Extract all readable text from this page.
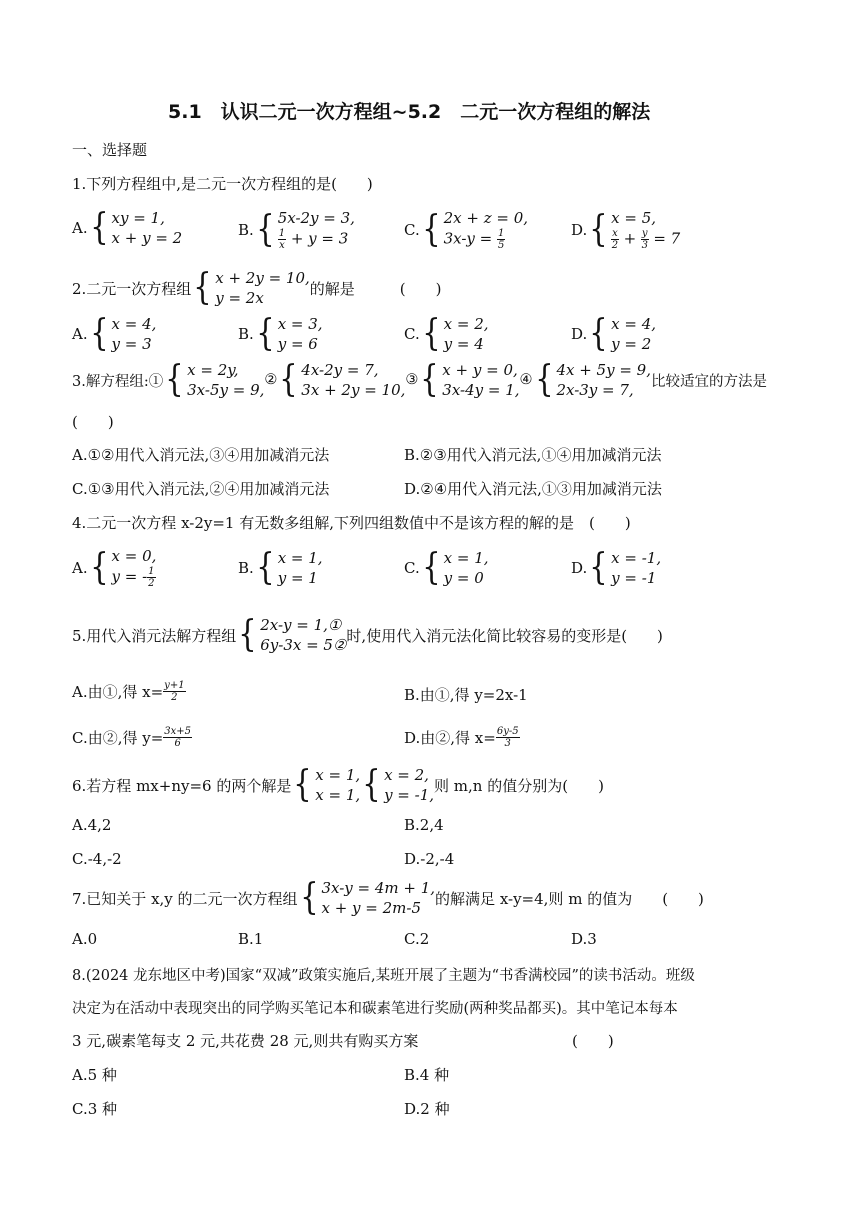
5.1　认识二元一次方程组~5.2　二元一次方程组的解法
一、选择题
1.下列方程组中,是二元一次方程组的是(　　)
A. { xy = 1,
x + y = 2	B. { 5x-2y = 3,
$\frac{1}{x} + y = 3$	C. { 2x + z = 0,
$3x-y = \frac{1}{5}$	D. { x = 5,
$\frac{x}{2} + \frac{y}{3} = 7$
2.二元一次方程组 { x + 2y = 10,
y = 2x
的解是　　　(　　)
A. { x = 4,
y = 3
B. { x = 3,
y = 6
C. { x = 2,
y = 4
D. { x = 4,
y = 2
3.解方程组:① { x = 2y,
3x-5y = 9,
② { 4x-2y = 7,
3x + 2y = 10,
③ { x + y = 0,
3x-4y = 1,
④ { 4x + 5y = 9,
2x-3y = 7,	比较适宜的方法是
(　　)
A.①②用代入消元法,③④用加减消元法	B.②③用代入消元法,①④用加减消元法
C.①③用代入消元法,②④用加减消元法	D.②④用代入消元法,①③用加减消元法
4.二元一次方程 x-2y=1 有无数多组解,下列四组数值中不是该方程的解的是　(　　)
A. { x = 0,
y = - $\frac{1}{2}$	B. { x = 1,
y = 1
C. { x = 1,
y = 0
D. { x = -1,
y = -1
5.用代入消元法解方程组 { 2x-y = 1,①
6y-3x = 5②
时,使用代入消元法化简比较容易的变形是(　　)
A.由①,得 $x= \frac{y+1}{2}$	B.由①,得 y=2x-1
C.由②,得 $y= \frac{3x+5}{6}$	D.由②,得 $x= \frac{6y-5}{3}$
6.若方程 mx+ny=6 的两个解是 { x = 1,
x = 1, { x = 2,
y = -1,
则 m,n 的值分别为(　　)
A.4,2	B.2,4
C.-4,-2	D.-2,-4
7.已知关于 x,y 的二元一次方程组 { 3x-y = 4m + 1,
x + y = 2m-5
的解满足 x-y=4,则 m 的值为　　(　　)
A.0	B.1	C.2	D.3
8.(2024 龙东地区中考)国家“双减”政策实施后,某班开展了主题为“书香满校园”的读书活动。班级
决定为在活动中表现突出的同学购买笔记本和碳素笔进行奖励(两种奖品都买)。其中笔记本每本
3 元,碳素笔每支 2 元,共花费 28 元,则共有购买方案	(　　)
A.5 种	B.4 种
C.3 种	D.2 种
